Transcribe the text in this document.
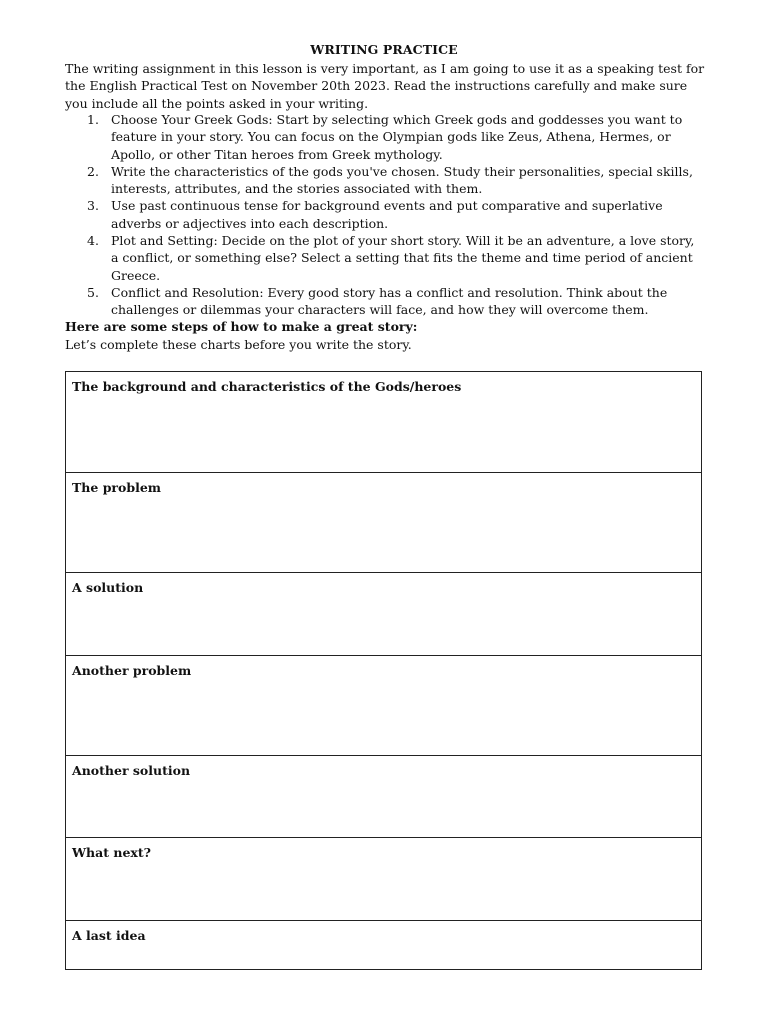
WRITING PRACTICE
The writing assignment in this lesson is very important, as I am going to use it as a speaking test for the English Practical Test on November 20th 2023. Read the instructions carefully and make sure you include all the points asked in your writing.
1. Choose Your Greek Gods: Start by selecting which Greek gods and goddesses you want to feature in your story. You can focus on the Olympian gods like Zeus, Athena, Hermes, or Apollo, or other Titan heroes from Greek mythology.
2. Write the characteristics of the gods you've chosen. Study their personalities, special skills, interests, attributes, and the stories associated with them.
3. Use past continuous tense for background events and put comparative and superlative adverbs or adjectives into each description.
4. Plot and Setting: Decide on the plot of your short story. Will it be an adventure, a love story, a conflict, or something else? Select a setting that fits the theme and time period of ancient Greece.
5. Conflict and Resolution: Every good story has a conflict and resolution. Think about the challenges or dilemmas your characters will face, and how they will overcome them.
Here are some steps of how to make a great story:
Let’s complete these charts before you write the story.
The background and characteristics of the Gods/heroes
The problem
A solution
Another problem
Another solution
What next?
A last idea
